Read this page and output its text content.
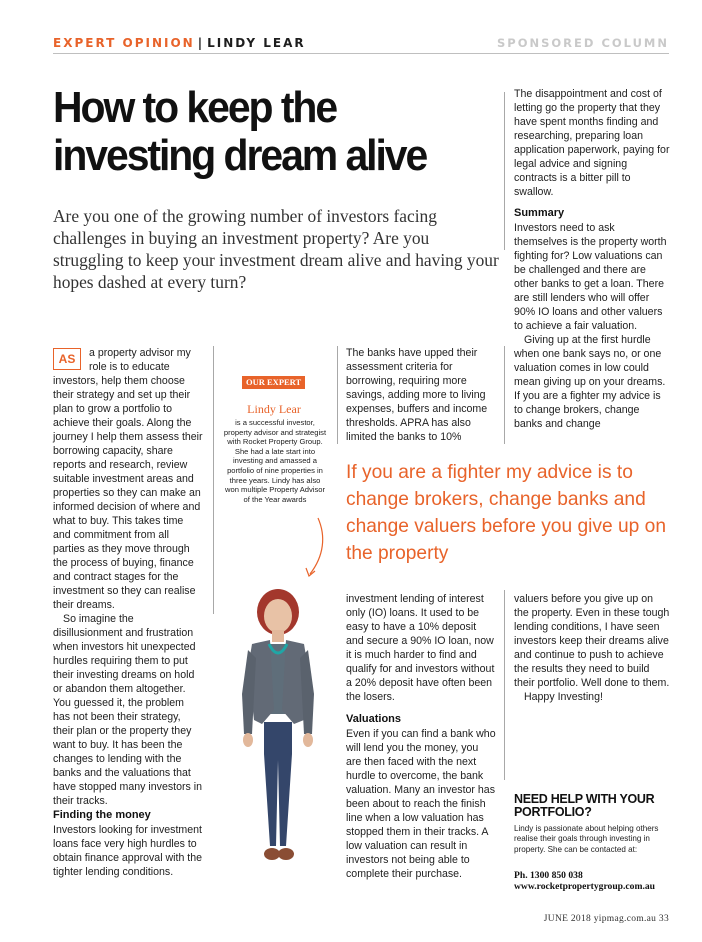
EXPERT OPINION | LINDY LEAR	SPONSORED COLUMN
How to keep the investing dream alive

Are you one of the growing number of investors facing challenges in buying an investment property? Are you struggling to keep your investment dream alive and having your hopes dashed at every turn?

AS	a property advisor my role is to educate investors, help them choose their strategy and set up their plan to grow a portfolio to achieve their goals. Along the journey I help them assess their borrowing capacity, share reports and research, review suitable investment areas and properties so they can make an informed decision of where and what to buy. This takes time and commitment from all parties as they move through the process of buying, finance and contract stages for the investment so they can realise their dreams.

So imagine the disillusionment and frustration when investors hit unexpected hurdles requiring them to put their investing dreams on hold or abandon them altogether. You guessed it, the problem has not been their strategy, their plan or the property they want to buy. It has been the changes to lending with the banks and the valuations that have stopped many investors in their tracks.

Finding the money

Investors looking for investment loans face very high hurdles to obtain finance approval with the tighter lending conditions.

OUR EXPERT
Lindy Lear
is a successful investor, property advisor and strategist with Rocket Property Group. She had a late start into investing and amassed a portfolio of nine properties in three years. Lindy has also won multiple Property Advisor of the Year awards

The banks have upped their assessment criteria for borrowing, requiring more savings, adding more to living expenses, buffers and income thresholds. APRA has also limited the banks to 10%

The disappointment and cost of letting go the property that they have spent months finding and researching, preparing loan application paperwork, paying for legal advice and signing contracts is a bitter pill to swallow.

Summary

Investors need to ask themselves is the property worth fighting for? Low valuations can be challenged and there are other banks to get a loan. There are still lenders who will offer 90% IO loans and other valuers to achieve a fair valuation.

Giving up at the first hurdle when one bank says no, or one valuation comes in low could mean giving up on your dreams. If you are a fighter my advice is to change brokers, change banks and change

If you are a fighter my advice is to change brokers, change banks and change valuers before you give up on the property

investment lending of interest only (IO) loans. It used to be easy to have a 10% deposit and secure a 90% IO loan, now it is much harder to find and qualify for and investors without a 20% deposit have often been the losers.

Valuations

Even if you can find a bank who will lend you the money, you are then faced with the next hurdle to overcome, the bank valuation. Many an investor has been about to reach the finish line when a low valuation has stopped them in their tracks. A low valuation can result in investors not being able to complete their purchase.

valuers before you give up on the property. Even in these tough lending conditions, I have seen investors keep their dreams alive and continue to push to achieve the results they need to build their portfolio. Well done to them.

Happy Investing!

NEED HELP WITH YOUR PORTFOLIO?
Lindy is passionate about helping others realise their goals through investing in property. She can be contacted at:
Ph. 1300 850 038
www.rocketpropertygroup.com.au
JUNE 2018 yipmag.com.au 33
